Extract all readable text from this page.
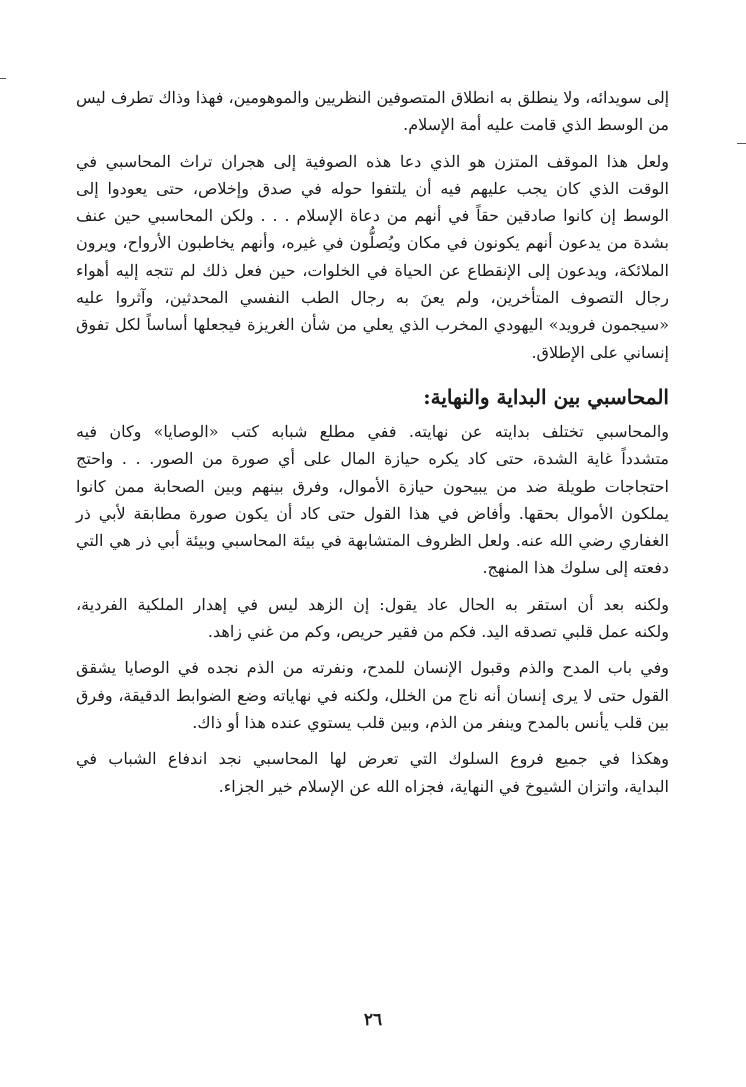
إلى سويدائه، ولا ينطلق به انطلاق المتصوفين النظريين والموهومين، فهذا وذاك تطرف ليس
من الوسط الذي قامت عليه أمة الإسلام.

ولعل هذا الموقف المتزن هو الذي دعا هذه الصوفية إلى هجران تراث المحاسبي في
الوقت الذي كان يجب عليهم فيه أن يلتفوا حوله في صدق وإخلاص، حتى يعودوا إلى
الوسط إن كانوا صادقين حقاً في أنهم من دعاة الإسلام . . . ولكن المحاسبي حين عنف
بشدة من يدعون أنهم يكونون في مكان ويُصلُّون في غيره، وأنهم يخاطبون الأرواح، ويرون
الملائكة، ويدعون إلى الإنقطاع عن الحياة في الخلوات، حين فعل ذلك لم تتجه إليه أهواء
رجال التصوف المتأخرين، ولم يعنَ به رجال الطب النفسي المحدثين، وآثروا عليه
«سيجمون فرويد» اليهودي المخرب الذي يعلي من شأن الغريزة فيجعلها أساساً لكل تفوق
إنساني على الإطلاق.

المحاسبي بين البداية والنهاية:

والمحاسبي تختلف بدايته عن نهايته. ففي مطلع شبابه كتب «الوصايا» وكان فيه
متشدداً غاية الشدة، حتى كاد يكره حيازة المال على أي صورة من الصور. . . واحتج
احتجاجات طويلة ضد من يبيحون حيازة الأموال، وفرق بينهم وبين الصحابة ممن كانوا
يملكون الأموال بحقها. وأفاض في هذا القول حتى كاد أن يكون صورة مطابقة لأبي ذر
الغفاري رضي الله عنه. ولعل الظروف المتشابهة في بيئة المحاسبي وبيئة أبي ذر هي التي
دفعته إلى سلوك هذا المنهج.

ولكنه بعد أن استقر به الحال عاد يقول: إن الزهد ليس في إهدار الملكية الفردية،
ولكنه عمل قلبي تصدقه اليد. فكم من فقير حريص، وكم من غني زاهد.

وفي باب المدح والذم وقبول الإنسان للمدح، ونفرته من الذم نجده في الوصايا يشقق
القول حتى لا يرى إنسان أنه ناج من الخلل، ولكنه في نهاياته وضع الضوابط الدقيقة، وفرق
بين قلب يأنس بالمدح وينفر من الذم، وبين قلب يستوي عنده هذا أو ذاك.

وهكذا في جميع فروع السلوك التي تعرض لها المحاسبي نجد اندفاع الشباب في
البداية، واتزان الشيوخ في النهاية، فجزاه الله عن الإسلام خير الجزاء.

٢٦
